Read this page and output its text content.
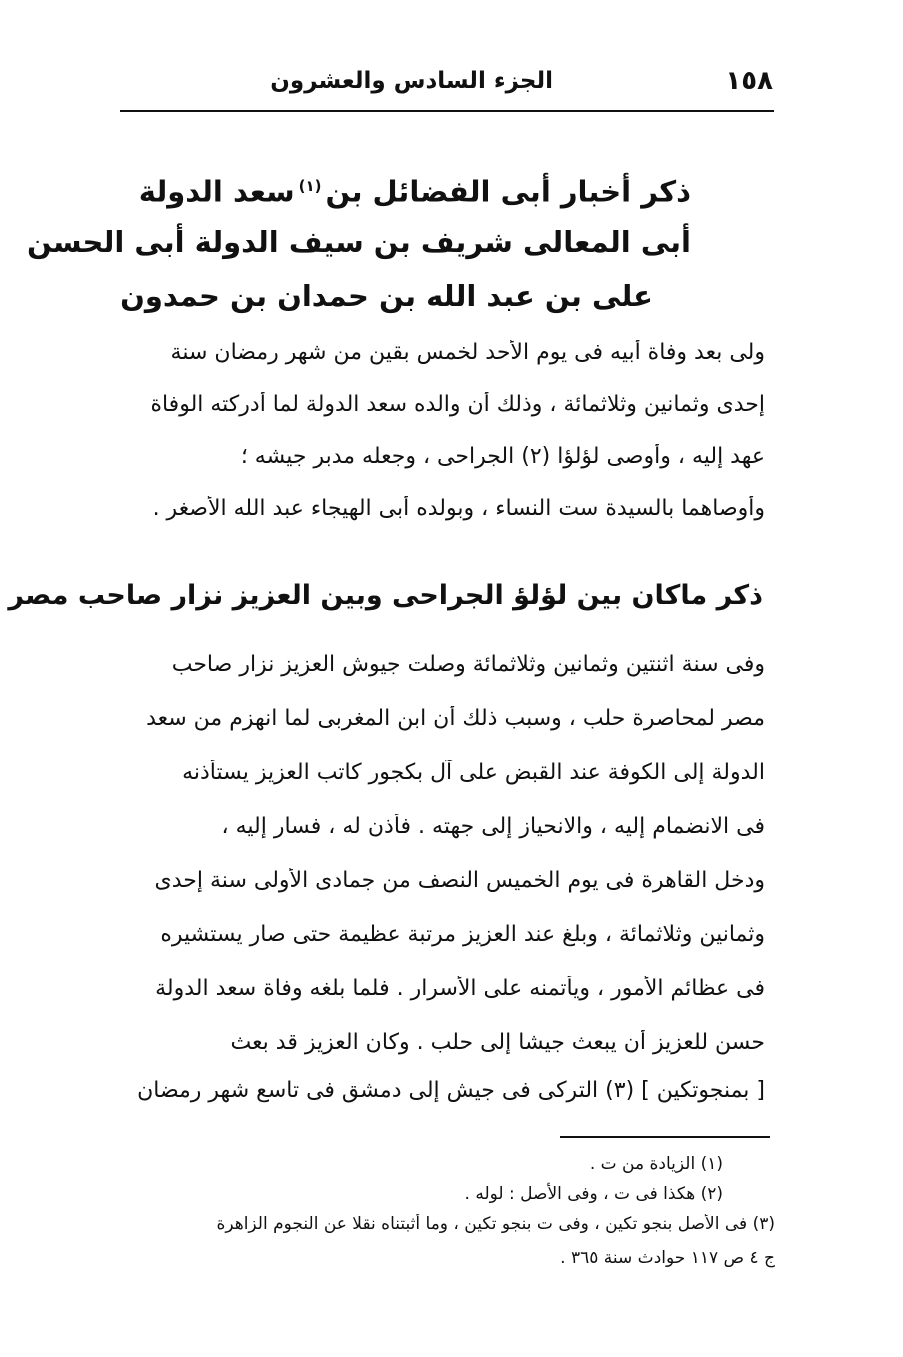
١٥٨
الجزء السادس والعشرون
ذكر أخبار أبى الفضائل بن$^{(١)}$سعد الدولة
أبى المعالى شريف بن سيف الدولة أبى الحسن
على بن عبد الله بن حمدان بن حمدون
ولى بعد وفاة أبيه فى يوم الأحد لخمس بقين من شهر رمضان سنة
إحدى وثمانين وثلاثمائة ، وذلك أن والده سعد الدولة لما أدركته الوفاة
عهد إليه ، وأوصى لؤلؤا (٢) الجراحى ، وجعله مدبر جيشه ؛
وأوصاهما بالسيدة ست النساء ، وبولده أبى الهيجاء عبد الله الأصغر .
ذكر ماكان بين لؤلؤ الجراحى وبين العزيز نزار صاحب مصر
وفى سنة اثنتين وثمانين وثلاثمائة وصلت جيوش العزيز نزار صاحب
مصر لمحاصرة حلب ، وسبب ذلك أن ابن المغربى لما انهزم من سعد
الدولة إلى الكوفة عند القبض على آل بكجور كاتب العزيز يستأذنه
فى الانضمام إليه ، والانحياز إلى جهته . فأذن له ، فسار إليه ،
ودخل القاهرة فى يوم الخميس النصف من جمادى الأولى سنة إحدى
وثمانين وثلاثمائة ، وبلغ عند العزيز مرتبة عظيمة حتى صار يستشيره
فى عظائم الأمور ، ويأتمنه على الأسرار . فلما بلغه وفاة سعد الدولة
حسن للعزيز أن يبعث جيشا إلى حلب . وكان العزيز قد بعث
[ بمنجوتكين ] (٣) التركى فى جيش إلى دمشق فى تاسع شهر رمضان
(١) الزيادة من ت .
(٢) هكذا فى ت ، وفى الأصل : لوله .
(٣) فى الأصل بنجو تكين ، وفى ت بنجو تكين ، وما أثبتناه نقلا عن النجوم الزاهرة
ج ٤ ص ١١٧ حوادث سنة ٣٦٥ .
